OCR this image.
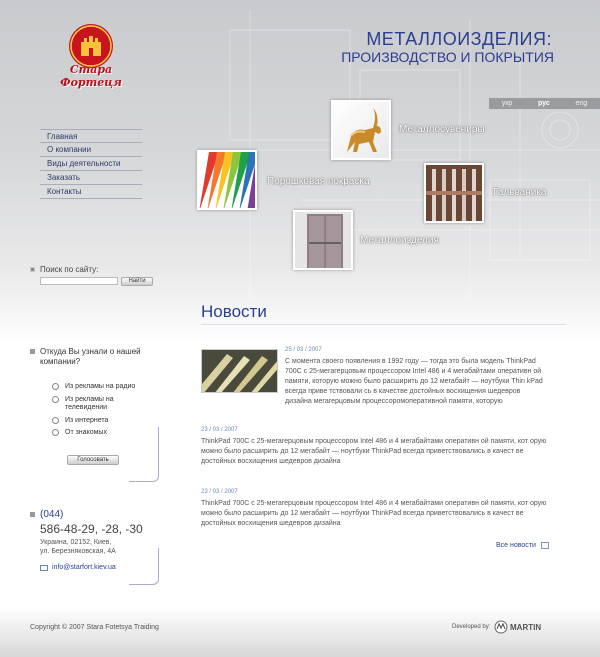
Стара Фортеця
МЕТАЛЛОИЗДЕЛИЯ:
ПРОИЗВОДСТВО И ПОКРЫТИЯ
укр	рус	eng
Главная
О компании
Виды деятельности
Заказать
Контакты
Металлосувениры
Порошковая покраска
Гальваника
Металлоизделия
Поиск по сайту:
Найти
Новости
Откуда Вы узнали о нашей компании?
Из рекламы на радио
Из рекламы на телевидении
Из интернета
От знакомых
Голосовать
(044)
586-48-29, -28, -30
Украина, 02152, Киев,
ул. Березняковская, 4А
info@starfort.kiev.ua
25 / 03 / 2007
С момента своего появления в 1992 году — тогда это была модель ThinkPad 700С с 25-мегагерцовым процессором Intel 486 и 4 мегабайтами оперативн ой памяти, которую можно было расширить до 12 мегабайт — ноутбуки Thin kPad всегда приве тствовали сь в качестве достойных восхищения шедевров дизайна мегагерцовым процессоромоперативной памяти, которую
23 / 03 / 2007
ThinkPad 700С с 25-мегагерцовым процессором Intel 486 и 4 мегабайтами оперативн ой памяти, кот орую можно было расширить до 12 мегабайт — ноутбуки ThinkPad всегда приветствовались в качест ве достойных восхищения шедевров дизайна
23 / 03 / 2007
ThinkPad 700С с 25-мегагерцовым процессором Intel 486 и 4 мегабайтами оперативн ой памяти, кот орую можно было расширить до 12 мегабайт — ноутбуки ThinkPad всегда приветствовались в качест ве достойных восхищения шедевров дизайна
Все новости
Copyright © 2007 Stara Fotetsya Traiding	Developed by: MARTIN
